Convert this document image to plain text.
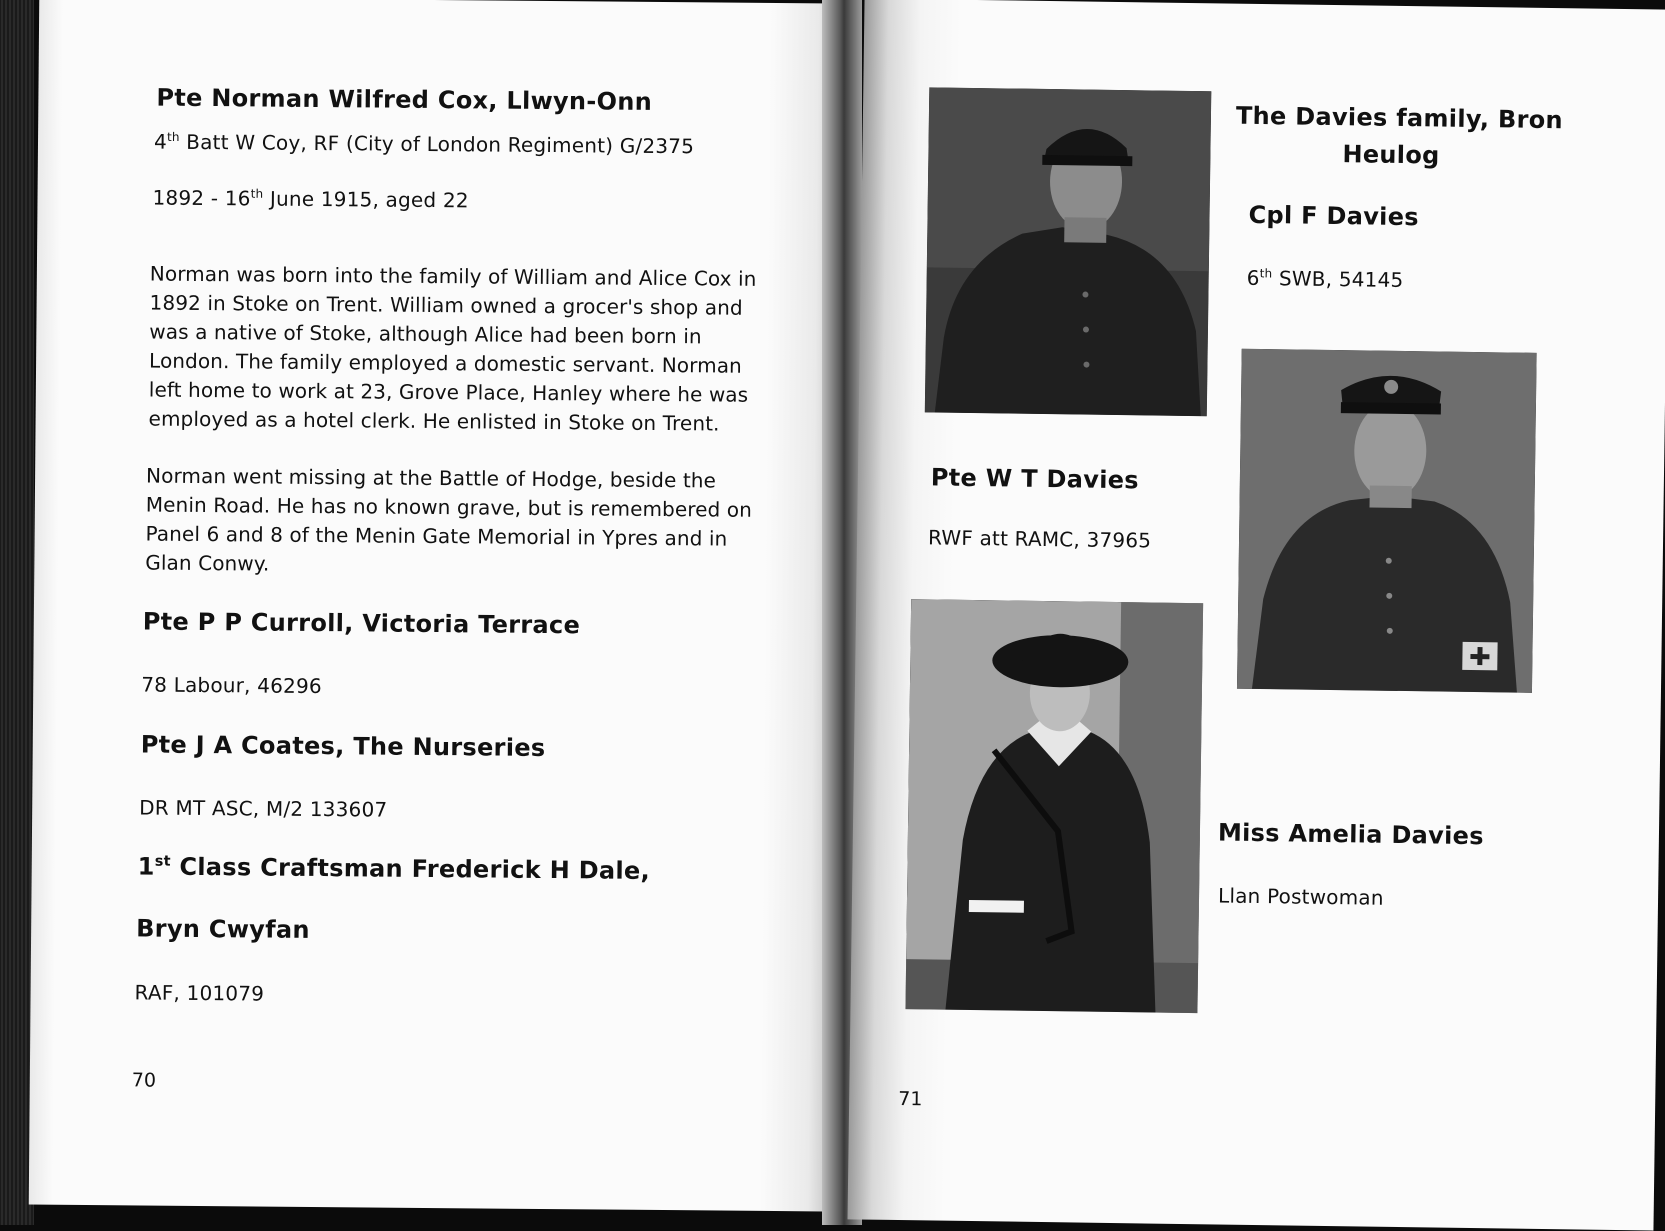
Pte Norman Wilfred Cox, Llwyn-Onn
4th Batt W Coy, RF (City of London Regiment) G/2375
1892 - 16th June 1915, aged 22
Norman was born into the family of William and Alice Cox in
1892 in Stoke on Trent. William owned a grocer's shop and
was a native of Stoke, although Alice had been born in
London. The family employed a domestic servant. Norman
left home to work at 23, Grove Place, Hanley where he was
employed as a hotel clerk. He enlisted in Stoke on Trent.
Norman went missing at the Battle of Hodge, beside the
Menin Road. He has no known grave, but is remembered on
Panel 6 and 8 of the Menin Gate Memorial in Ypres and in
Glan Conwy.
Pte P P Curroll, Victoria Terrace
78 Labour, 46296
Pte J A Coates, The Nurseries
DR MT ASC, M/2 133607
1st Class Craftsman Frederick H Dale,
Bryn Cwyfan
RAF, 101079
70
The Davies family, Bron
Heulog
Cpl F Davies
6th SWB, 54145
Pte W T Davies
RWF att RAMC, 37965
Miss Amelia Davies
Llan Postwoman
71
